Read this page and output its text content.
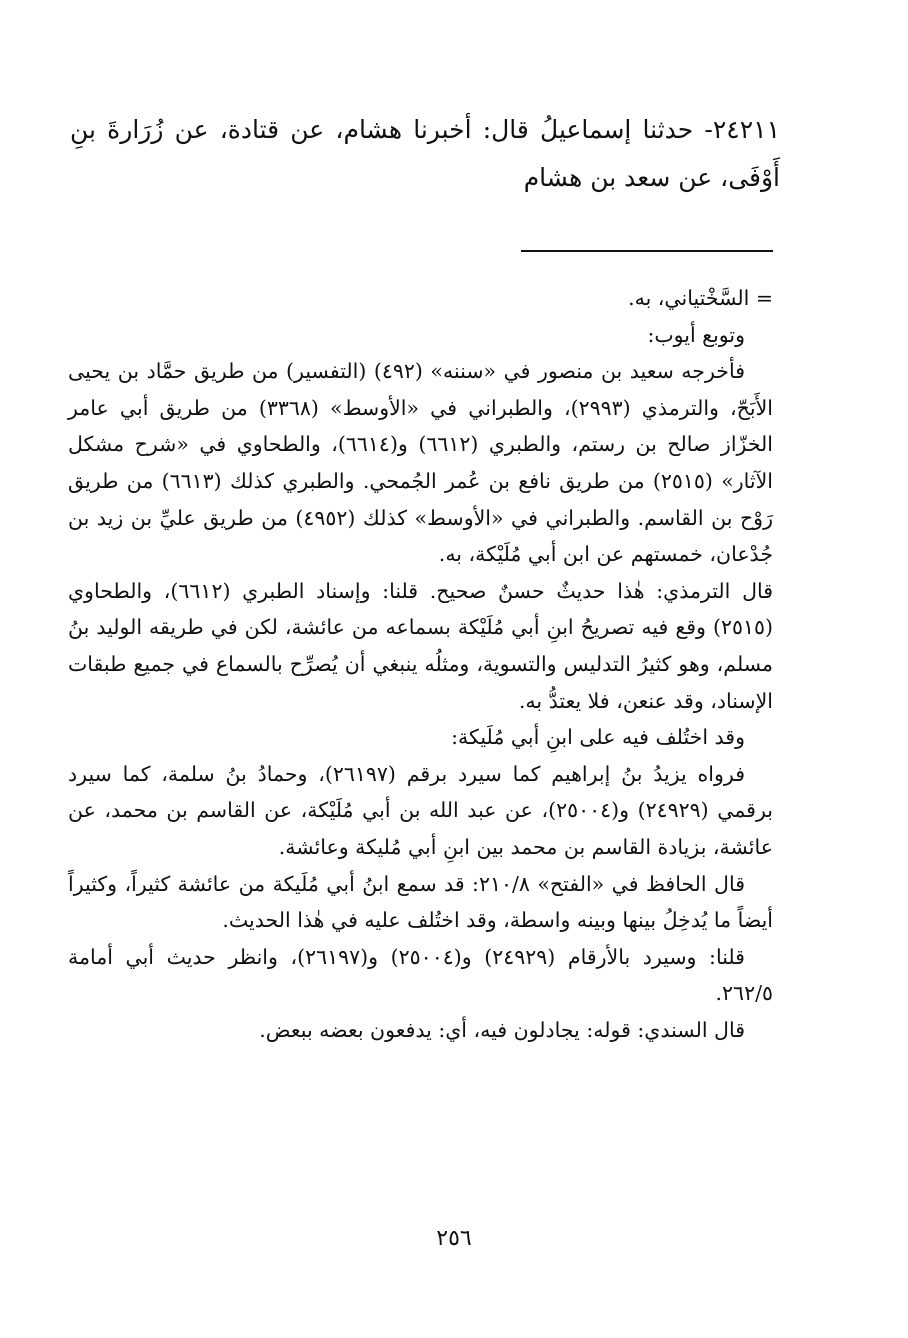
٢٤٢١١- حدثنا إسماعيلُ قال: أخبرنا هشام، عن قتادة، عن زُرَارةَ بنِ أَوْفَى، عن سعد بن هشام

= السَّخْتياني، به.

وتوبع أيوب:

فأخرجه سعيد بن منصور في «سننه» (٤٩٢) (التفسير) من طريق حمَّاد بن يحيى الأَبَحّ، والترمذي (٢٩٩٣)، والطبراني في «الأوسط» (٣٣٦٨) من طريق أبي عامر الخزّاز صالح بن رستم، والطبري (٦٦١٢) و(٦٦١٤)، والطحاوي في «شرح مشكل الآثار» (٢٥١٥) من طريق نافع بن عُمر الجُمحي. والطبري كذلك (٦٦١٣) من طريق رَوْح بن القاسم. والطبراني في «الأوسط» كذلك (٤٩٥٢) من طريق عليِّ بن زيد بن جُدْعان، خمستهم عن ابن أبي مُلَيْكة، به.

قال الترمذي: هٰذا حديثٌ حسنٌ صحيح. قلنا: وإسناد الطبري (٦٦١٢)، والطحاوي (٢٥١٥) وقع فيه تصريحُ ابنِ أبي مُلَيْكة بسماعه من عائشة، لكن في طريقه الوليد بنُ مسلم، وهو كثيرُ التدليس والتسوية، ومثلُه ينبغي أن يُصرِّح بالسماع في جميع طبقات الإسناد، وقد عنعن، فلا يعتدُّ به.

وقد اختُلف فيه على ابنِ أبي مُلَيكة:

فرواه يزيدُ بنُ إبراهيم كما سيرد برقم (٢٦١٩٧)، وحمادُ بنُ سلمة، كما سيرد برقمي (٢٤٩٢٩) و(٢٥٠٠٤)، عن عبد الله بن أبي مُلَيْكة، عن القاسم بن محمد، عن عائشة، بزيادة القاسم بن محمد بين ابنِ أبي مُليكة وعائشة.

قال الحافظ في «الفتح» ٢١٠/٨: قد سمع ابنُ أبي مُلَيكة من عائشة كثيراً، وكثيراً أيضاً ما يُدخِلُ بينها وبينه واسطة، وقد اختُلف عليه في هٰذا الحديث.

قلنا: وسيرد بالأرقام (٢٤٩٢٩) و(٢٥٠٠٤) و(٢٦١٩٧)، وانظر حديث أبي أمامة ٢٦٢/٥.

قال السندي: قوله: يجادلون فيه، أي: يدفعون بعضه ببعض.

٢٥٦
